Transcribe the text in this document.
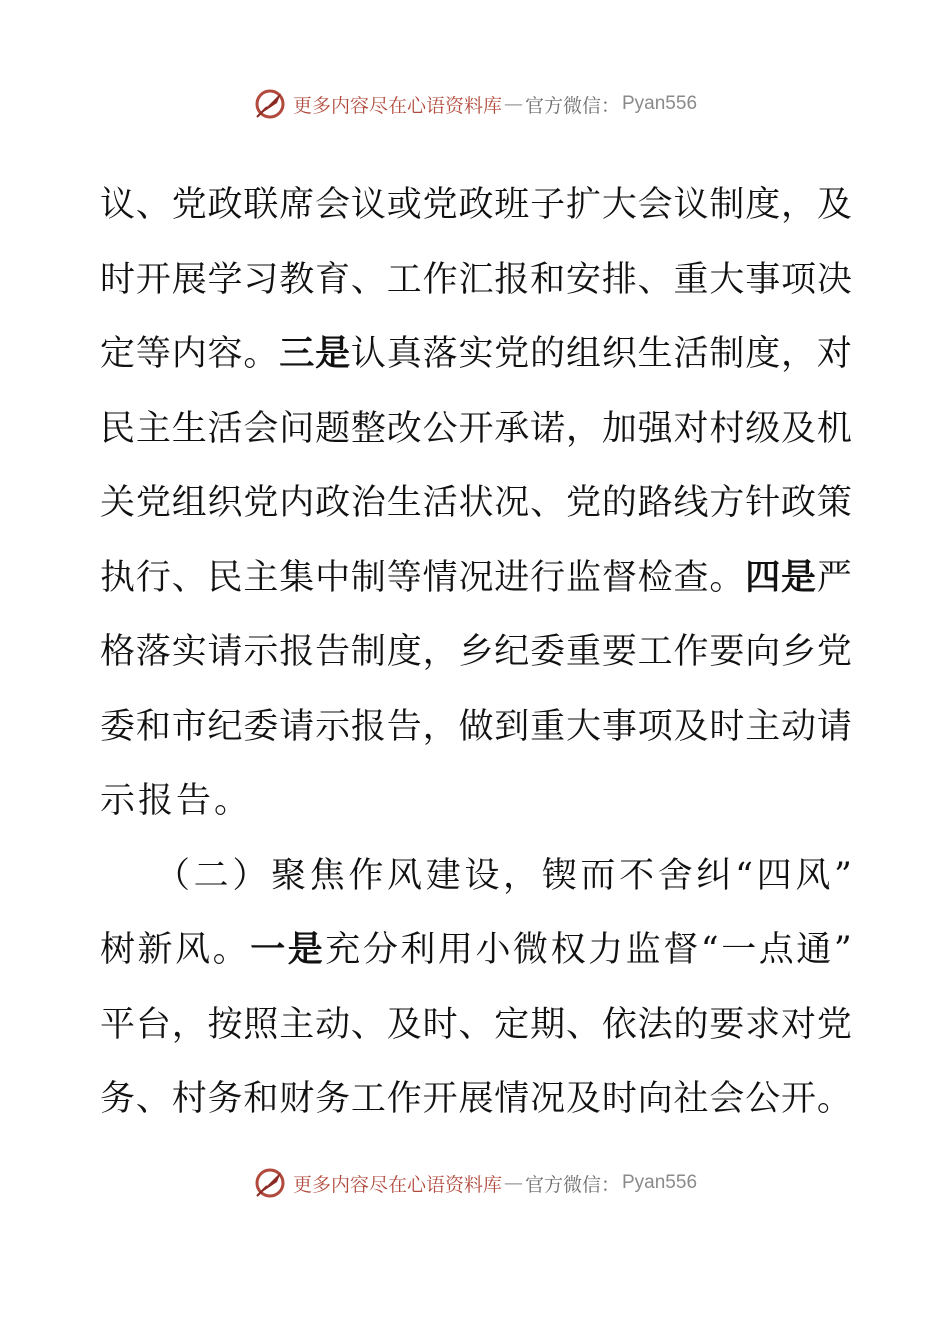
更多内容尽在心语资料库 — 官方微信： Pyan556
议 、 党 政 联 席 会 议 或 党 政 班 子 扩 大 会 议 制 度 ， 及
时 开 展 学 习 教 育 、 工 作 汇 报 和 安 排 、 重 大 事 项 决
定 等 内 容 。 三 是 认 真 落 实 党 的 组 织 生 活 制 度 ， 对
民 主 生 活 会 问 题 整 改 公 开 承 诺 ， 加 强 对 村 级 及 机
关 党 组 织 党 内 政 治 生 活 状 况 、 党 的 路 线 方 针 政 策
执 行 、 民 主 集 中 制 等 情 况 进 行 监 督 检 查 。 四 是 严
格 落 实 请 示 报 告 制 度 ， 乡 纪 委 重 要 工 作 要 向 乡 党
委 和 市 纪 委 请 示 报 告 ， 做 到 重 大 事 项 及 时 主 动 请
示 报 告 。
（ 二 ） 聚 焦 作 风 建 设 ， 锲 而 不 舍 纠 “ 四 风 ”
树 新 风 。 一 是 充 分 利 用 小 微 权 力 监 督 “ 一 点 通 ”
平 台 ， 按 照 主 动 、 及 时 、 定 期 、 依 法 的 要 求 对 党
务 、 村 务 和 财 务 工 作 开 展 情 况 及 时 向 社 会 公 开 。
更多内容尽在心语资料库 — 官方微信： Pyan556
